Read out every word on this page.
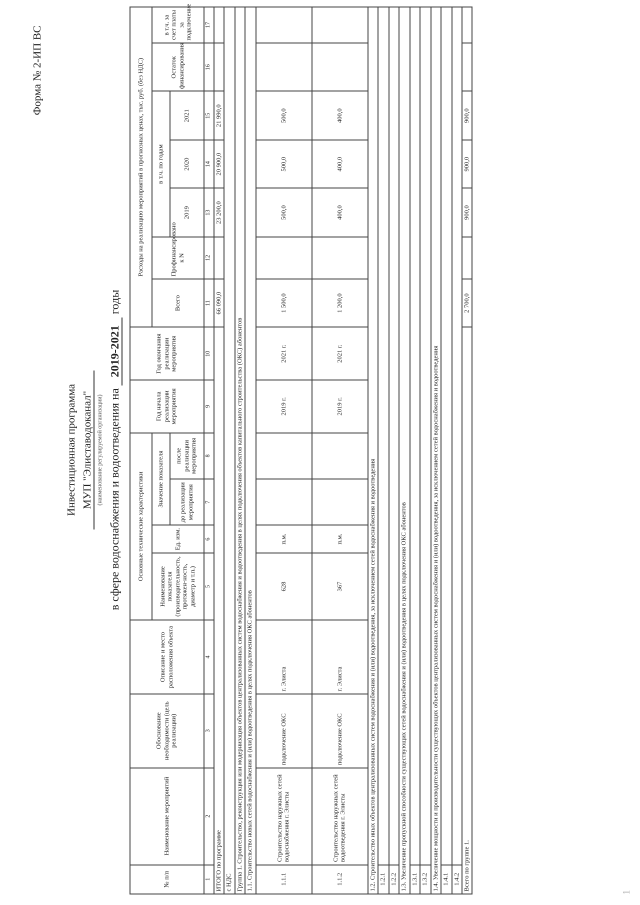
Форма № 2-ИП ВС
Инвестиционная программа МУП "Элиставодоканал" (наименование регулируемой организации) в сфере водоснабжения и водоотведения на 2019-2021 годы
№ п/п	Наименование мероприятий	Обоснование необходимости (цель реализации)	Описание и место расположения объекта	Основные технические характеристики				Год начала реализации мероприятия	Год окончания реализации мероприятия	Расходы на реализацию мероприятий в прогнозных ценах, тыс. руб. (без НДС)						
				Наименование показателя (производительность, протяжен-ность, диаметр и т.п.)	Ед. изм.	Значение показателя				Всего	Профинансировано к N	в т.ч. по годам			Остаток финансирования	в т.ч. за счет платы за подключение
						до реализации мероприятия	после реализации мероприятия					2019	2020	2021		
1	2	3	4	5	6	7	8	9	10	11	12	13	14	15	16	17
ИТОГО по программе										66 090,0		23 200,0	20 900,0	21 990,0		
с НДС																
Группа 1. Строительство, реконструкция или модернизация объектов централизованных систем водоснабжения и водоотведения в целях подключения объектов капитального строительства (ОКС) абонентов																
1.1. Строительство новых сетей водоснабжения и (или) водоотведения в целях подключения ОКС абонентов																
1.1.1	Строительство наружных сетей водоснабжения г. Элисты	подключение ОКС	г. Элиста	628	п.м.			2019 г.	2021 г.	1 500,0		500,0	500,0	500,0		
1.1.2	Строительство наружных сетей водоотведения г. Элисты	подключение ОКС	г. Элиста	367	п.м.			2019 г.	2021 г.	1 200,0		400,0	400,0	400,0		
1.2. Строительство иных объектов централизованных систем водоснабжения и (или) водоотведения, за исключением сетей водоснабжения и водоотведения																
1.2.1																
1.2.2																
1.3. Увеличение пропускной способности существующих сетей водоснабжения и (или) водоотведения в целях подключения ОКС абонентов																
1.3.1																
1.3.2																
1.4. Увеличение мощности и производительности существующих объектов централизованных систем водоснабжения и (или) водоотведения, за исключением сетей водоснабжения и водоотведения																
1.4.1																
1.4.2																
Всего по группе 1.										2 700,0		900,0	900,0	900,0		
1
